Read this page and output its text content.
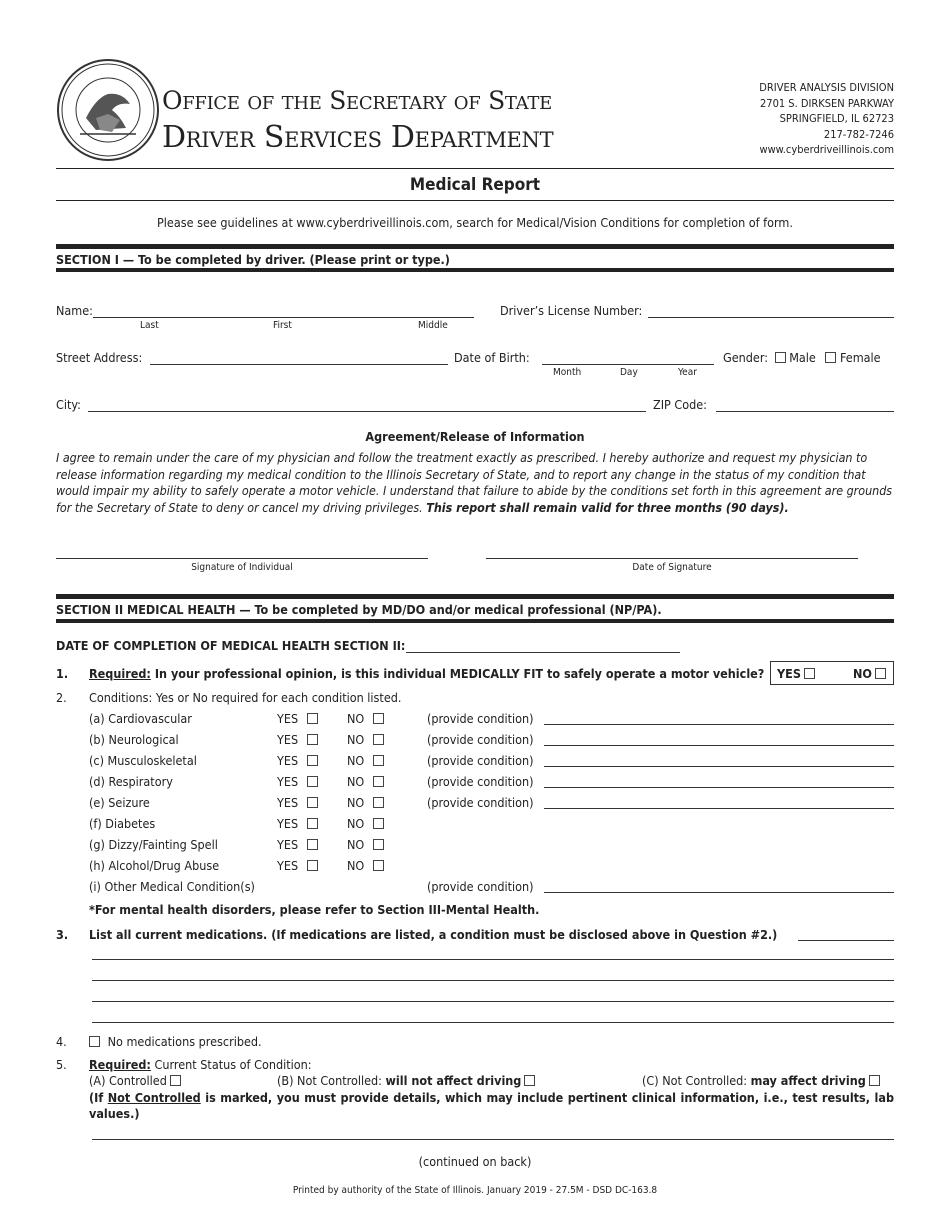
Office of the Secretary of State
Driver Services Department
DRIVER ANALYSIS DIVISION
2701 S. DIRKSEN PARKWAY
SPRINGFIELD, IL 62723
217-782-7246
www.cyberdriveillinois.com
Medical Report
Please see guidelines at www.cyberdriveillinois.com, search for Medical/Vision Conditions for completion of form.
SECTION I — To be completed by driver. (Please print or type.)
Name:
Last	First	Middle
Driver’s License Number:
Street Address:	Date of Birth:
Month	Day	Year
Gender: Male Female
City:	ZIP Code:
Agreement/Release of Information
I agree to remain under the care of my physician and follow the treatment exactly as prescribed. I hereby authorize and request my physician to release information regarding my medical condition to the Illinois Secretary of State, and to report any change in the status of my condition that would impair my ability to safely operate a motor vehicle. I understand that failure to abide by the conditions set forth in this agreement are grounds for the Secretary of State to deny or cancel my driving privileges. This report shall remain valid for three months (90 days).
Signature of Individual	Date of Signature
SECTION II MEDICAL HEALTH — To be completed by MD/DO and/or medical professional (NP/PA).
DATE OF COMPLETION OF MEDICAL HEALTH SECTION II:
1. Required: In your professional opinion, is this individual MEDICALLY FIT to safely operate a motor vehicle? YES	NO
2. Conditions: Yes or No required for each condition listed.
(a) Cardiovascular	YES	NO	(provide condition)
(b) Neurological	YES	NO	(provide condition)
(c) Musculoskeletal	YES	NO	(provide condition)
(d) Respiratory	YES	NO	(provide condition)
(e) Seizure	YES	NO	(provide condition)
(f) Diabetes	YES	NO
(g) Dizzy/Fainting Spell	YES	NO
(h) Alcohol/Drug Abuse	YES	NO
(i) Other Medical Condition(s)	(provide condition)
*For mental health disorders, please refer to Section III-Mental Health.
3. List all current medications. (If medications are listed, a condition must be disclosed above in Question #2.)
4.	No medications prescribed.
5. Required: Current Status of Condition:
(A) Controlled	(B) Not Controlled: will not affect driving	(C) Not Controlled: may affect driving
(If Not Controlled is marked, you must provide details, which may include pertinent clinical information, i.e., test results, lab values.)
(continued on back)
Printed by authority of the State of Illinois. January 2019 - 27.5M - DSD DC-163.8
